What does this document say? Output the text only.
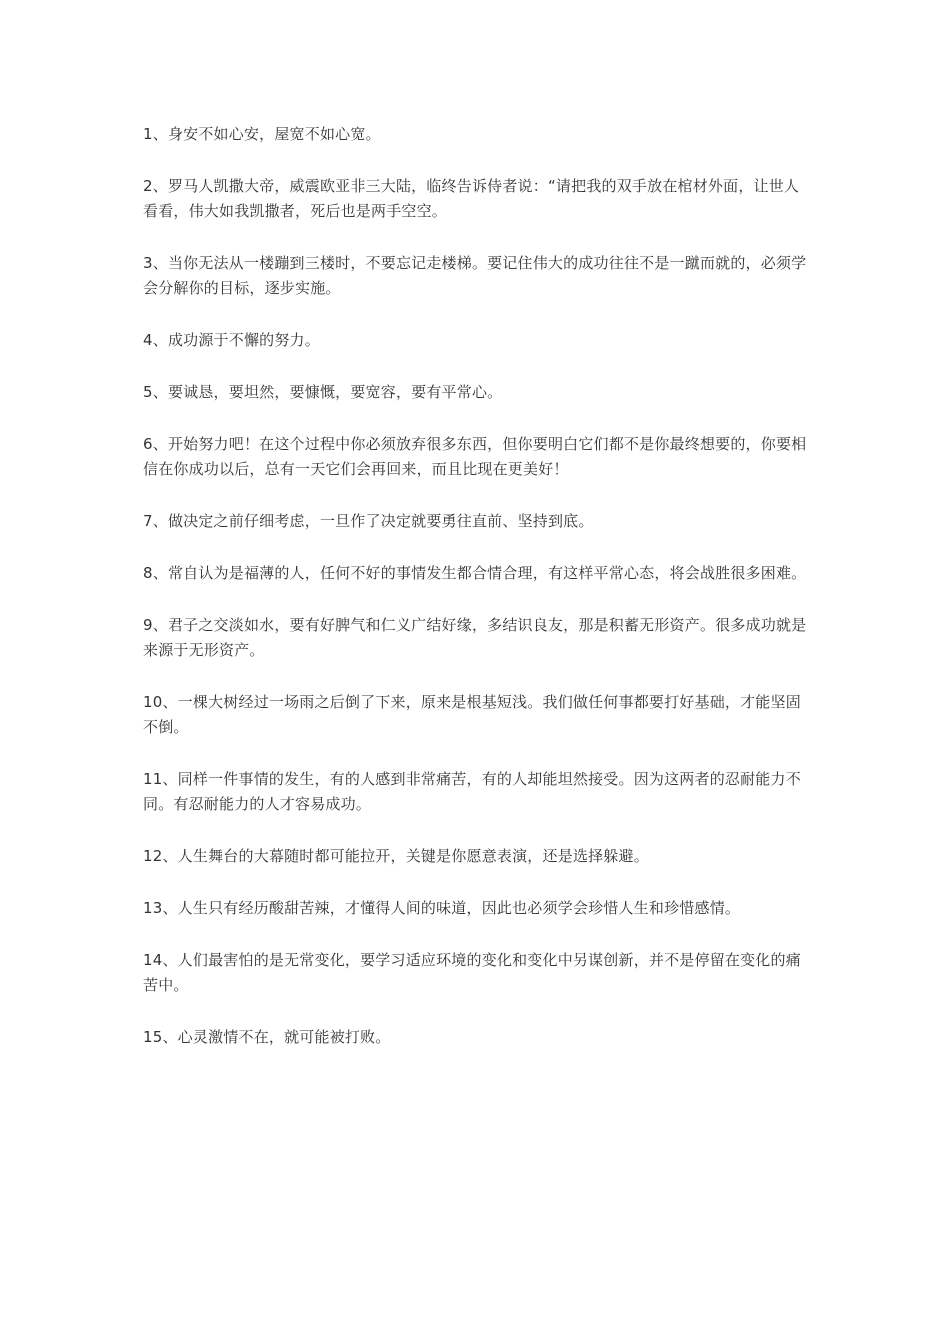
1、身安不如心安，屋宽不如心宽。

2、罗马人凯撒大帝，威震欧亚非三大陆，临终告诉侍者说：“请把我的双手放在棺材外面，让世人看看，伟大如我凯撒者，死后也是两手空空。

3、当你无法从一楼蹦到三楼时，不要忘记走楼梯。要记住伟大的成功往往不是一蹴而就的，必须学会分解你的目标，逐步实施。

4、成功源于不懈的努力。

5、要诚恳，要坦然，要慷慨，要宽容，要有平常心。

6、开始努力吧！在这个过程中你必须放弃很多东西，但你要明白它们都不是你最终想要的，你要相信在你成功以后，总有一天它们会再回来，而且比现在更美好！

7、做决定之前仔细考虑，一旦作了决定就要勇往直前、坚持到底。

8、常自认为是福薄的人，任何不好的事情发生都合情合理，有这样平常心态，将会战胜很多困难。

9、君子之交淡如水，要有好脾气和仁义广结好缘，多结识良友，那是积蓄无形资产。很多成功就是来源于无形资产。

10、一棵大树经过一场雨之后倒了下来，原来是根基短浅。我们做任何事都要打好基础，才能坚固不倒。

11、同样一件事情的发生，有的人感到非常痛苦，有的人却能坦然接受。因为这两者的忍耐能力不同。有忍耐能力的人才容易成功。

12、人生舞台的大幕随时都可能拉开，关键是你愿意表演，还是选择躲避。

13、人生只有经历酸甜苦辣，才懂得人间的味道，因此也必须学会珍惜人生和珍惜感情。

14、人们最害怕的是无常变化，要学习适应环境的变化和变化中另谋创新，并不是停留在变化的痛苦中。

15、心灵激情不在，就可能被打败。
